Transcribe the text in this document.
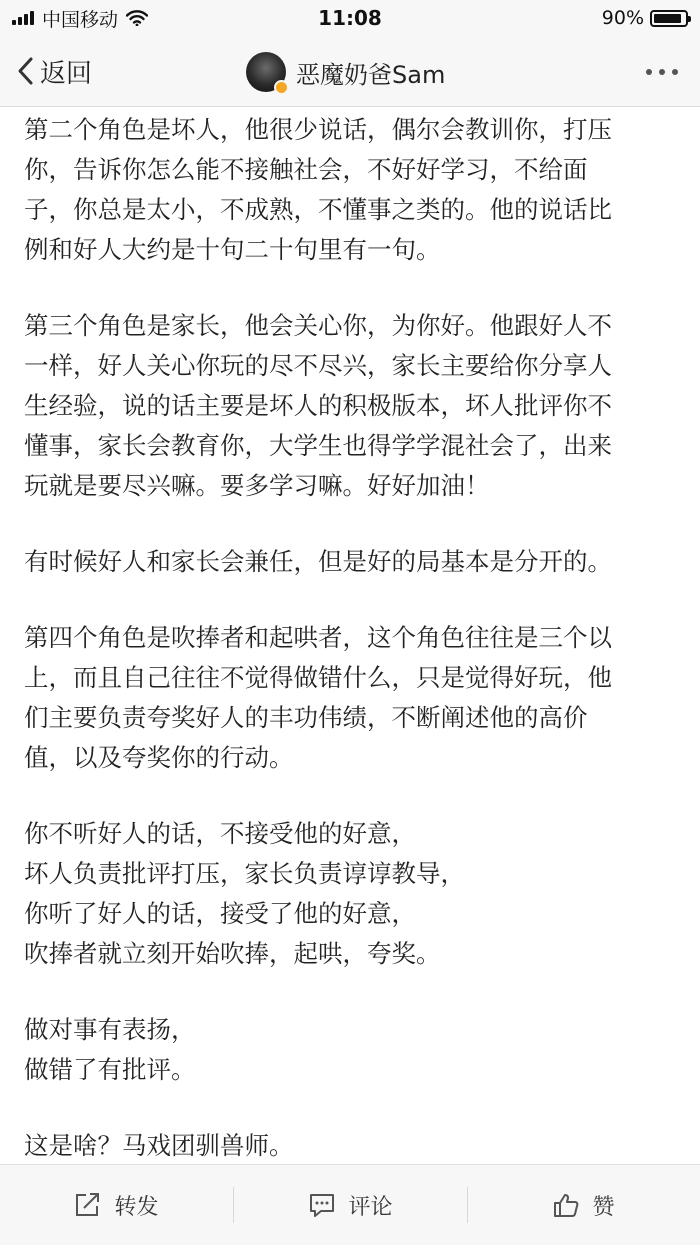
中国移动	11:08	90%
返回	恶魔奶爸Sam
第二个角色是坏人，他很少说话，偶尔会教训你，打压
你，告诉你怎么能不接触社会，不好好学习，不给面
子，你总是太小，不成熟，不懂事之类的。他的说话比
例和好人大约是十句二十句里有一句。
第三个角色是家长，他会关心你，为你好。他跟好人不
一样，好人关心你玩的尽不尽兴，家长主要给你分享人
生经验，说的话主要是坏人的积极版本，坏人批评你不
懂事，家长会教育你，大学生也得学学混社会了，出来
玩就是要尽兴嘛。要多学习嘛。好好加油！
有时候好人和家长会兼任，但是好的局基本是分开的。
第四个角色是吹捧者和起哄者，这个角色往往是三个以
上，而且自己往往不觉得做错什么，只是觉得好玩，他
们主要负责夸奖好人的丰功伟绩，不断阐述他的高价
值，以及夸奖你的行动。
你不听好人的话，不接受他的好意，
坏人负责批评打压，家长负责谆谆教导，
你听了好人的话，接受了他的好意，
吹捧者就立刻开始吹捧，起哄，夸奖。
做对事有表扬，
做错了有批评。
这是啥？马戏团驯兽师。
转发	评论	赞
